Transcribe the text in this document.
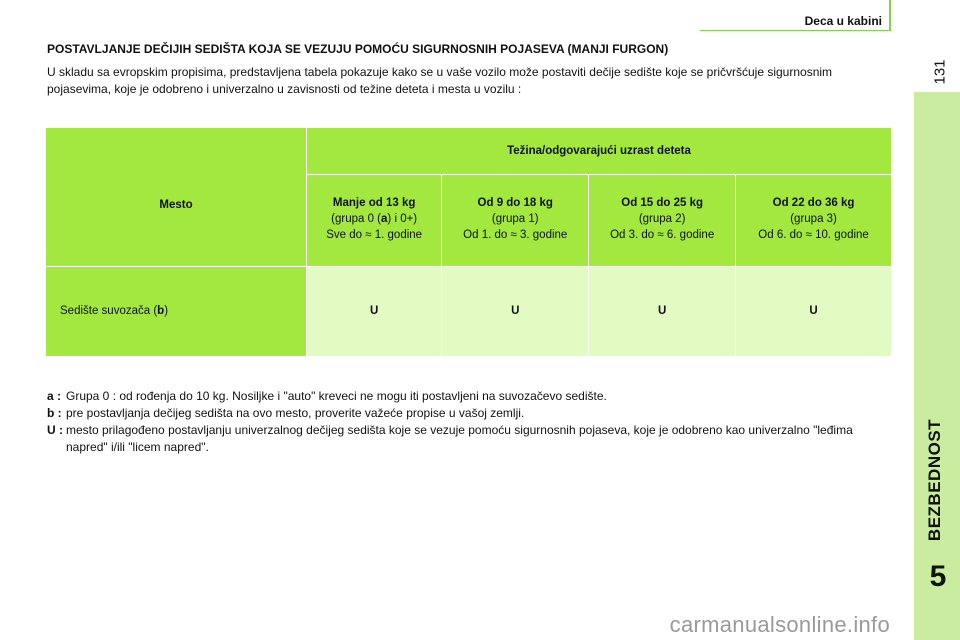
Deca u kabini
131
BEZBEDNOST
5
POSTAVLJANJE DEČIJIH SEDIŠTA KOJA SE VEZUJU POMOĆU SIGURNOSNIH POJASEVA (MANJI FURGON)
U skladu sa evropskim propisima, predstavljena tabela pokazuje kako se u vaše vozilo može postaviti dečije sedište koje se pričvršćuje sigurnosnim pojasevima, koje je odobreno i univerzalno u zavisnosti od težine deteta i mesta u vozilu :
Mesto	Težina/odgovarajući uzrast deteta			

	Manje od 13 kg
(grupa 0 (a) i 0+)
Sve do ≈ 1. godine	Od 9 do 18 kg
(grupa 1)
Od 1. do ≈ 3. godine	Od 15 do 25 kg
(grupa 2)
Od 3. do ≈ 6. godine	Od 22 do 36 kg
(grupa 3)
Od 6. do ≈ 10. godine

Sedište suvozača (b)	U	U	U	U
a : Grupa 0 : od rođenja do 10 kg. Nosiljke i "auto" kreveci ne mogu iti postavljeni na suvozačevo sedište.
b : pre postavljanja dečijeg sedišta na ovo mesto, proverite važeće propise u vašoj zemlji.
U : mesto prilagođeno postavljanju univerzalnog dečijeg sedišta koje se vezuje pomoću sigurnosnih pojaseva, koje je odobreno kao univerzalno "leđima napred" i/ili "licem napred".
carmanualsonline.info
